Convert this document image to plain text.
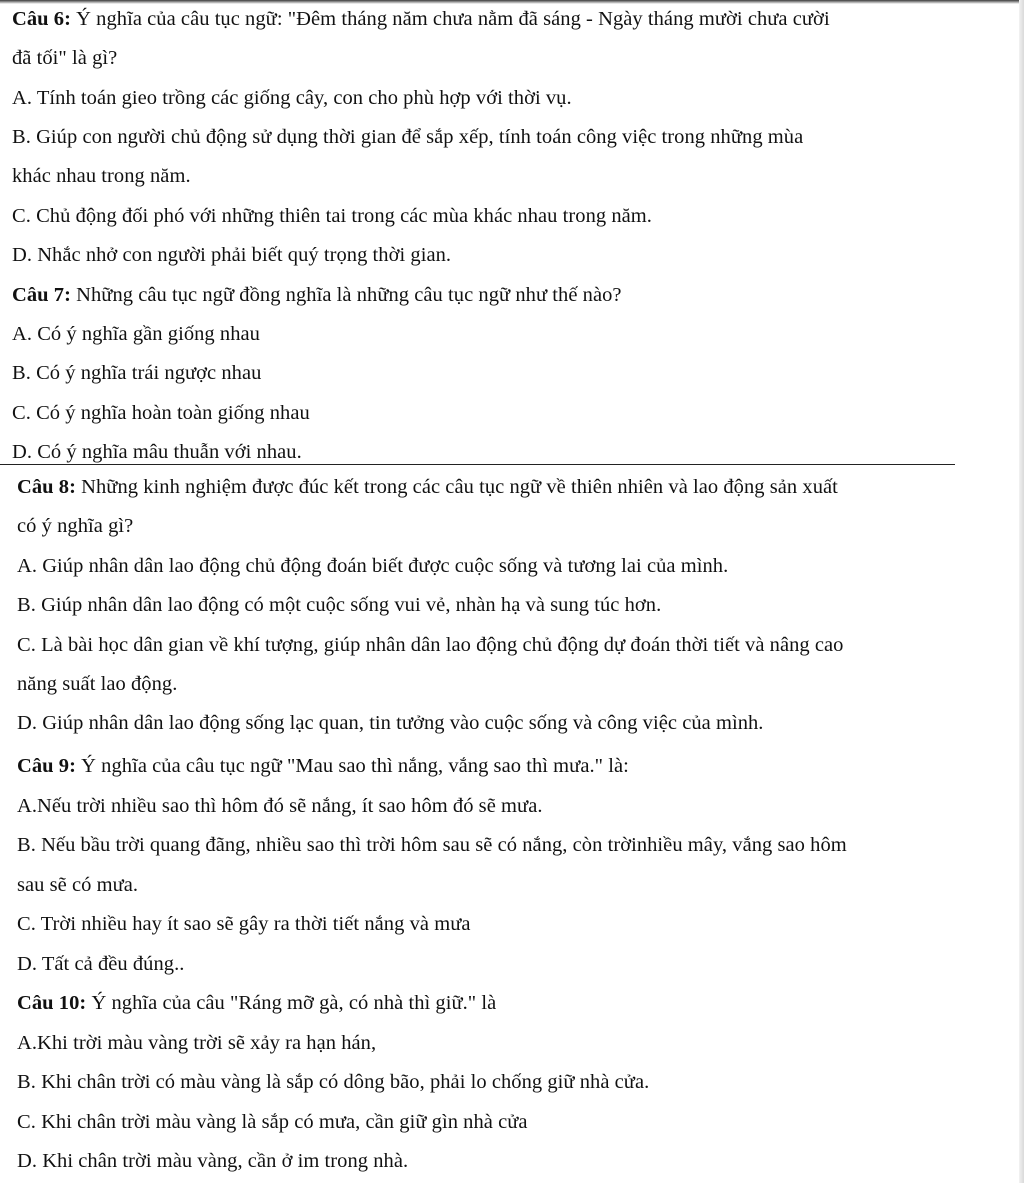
Câu 6: Ý nghĩa của câu tục ngữ: "Đêm tháng năm chưa nằm đã sáng - Ngày tháng mười chưa cười
đã tối" là gì?
A. Tính toán gieo trồng các giống cây, con cho phù hợp với thời vụ.
B. Giúp con người chủ động sử dụng thời gian để sắp xếp, tính toán công việc trong những mùa
khác nhau trong năm.
C. Chủ động đối phó với những thiên tai trong các mùa khác nhau trong năm.
D. Nhắc nhở con người phải biết quý trọng thời gian.
Câu 7: Những câu tục ngữ đồng nghĩa là những câu tục ngữ như thế nào?
A. Có ý nghĩa gần giống nhau
B. Có ý nghĩa trái ngược nhau
C. Có ý nghĩa hoàn toàn giống nhau
D. Có ý nghĩa mâu thuẫn với nhau.
Câu 8: Những kinh nghiệm được đúc kết trong các câu tục ngữ về thiên nhiên và lao động sản xuất
có ý nghĩa gì?
A. Giúp nhân dân lao động chủ động đoán biết được cuộc sống và tương lai của mình.
B. Giúp nhân dân lao động có một cuộc sống vui vẻ, nhàn hạ và sung túc hơn.
C. Là bài học dân gian về khí tượng, giúp nhân dân lao động chủ động dự đoán thời tiết và nâng cao
năng suất lao động.
D. Giúp nhân dân lao động sống lạc quan, tin tưởng vào cuộc sống và công việc của mình.
Câu 9: Ý nghĩa của câu tục ngữ "Mau sao thì nắng, vắng sao thì mưa." là:
A.Nếu trời nhiều sao thì hôm đó sẽ nắng, ít sao hôm đó sẽ mưa.
B. Nếu bầu trời quang đãng, nhiều sao thì trời hôm sau sẽ có nắng, còn trờinhiều mây, vắng sao hôm
sau sẽ có mưa.
C. Trời nhiều hay ít sao sẽ gây ra thời tiết nắng và mưa
D. Tất cả đều đúng..
Câu 10: Ý nghĩa của câu "Ráng mỡ gà, có nhà thì giữ." là
A.Khi trời màu vàng trời sẽ xảy ra hạn hán,
B. Khi chân trời có màu vàng là sắp có dông bão, phải lo chống giữ nhà cửa.
C. Khi chân trời màu vàng là sắp có mưa, cần giữ gìn nhà cửa
D. Khi chân trời màu vàng, cần ở im trong nhà.
